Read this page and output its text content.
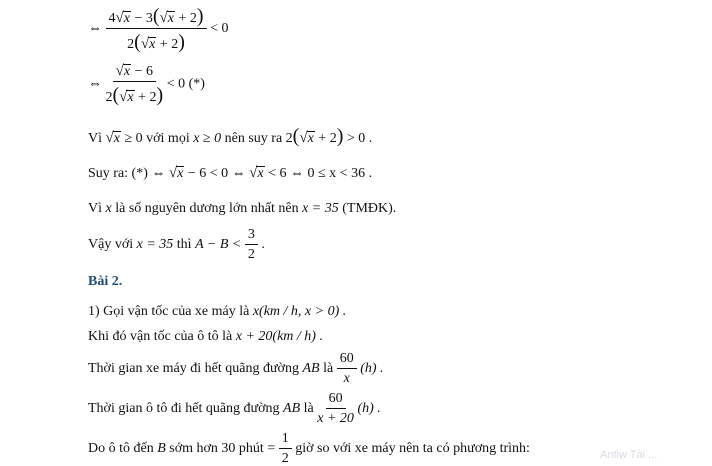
⇔ $\frac{4 √ x - 3( √ x + 2)}{2( √ x + 2)} < 0$
⇔ $\frac{√ x - 6}{2( √ x + 2)} < 0$ (*)
Vì √ x ≥ 0 với mọi x ≥ 0 nên suy ra 2( √ x + 2) > 0 .
Suy ra: (*) ⇔ √ x − 6 < 0 ⇔ √ x < 6 ⇔ 0 ≤ x < 36 .
Vì x là số nguyên dương lớn nhất nên x = 35 (TMĐK).
Vậy với x = 35 thì $A - B < \frac{3}{2}$ .
Bài 2.
1) Gọi vận tốc của xe máy là x(km / h, x > 0) .
Khi đó vận tốc của ô tô là x + 20(km / h) .
Thời gian xe máy đi hết quãng đường AB là $\frac{60}{x} (h)$ .
Thời gian ô tô đi hết quãng đường AB là $\frac{60}{x + 20} (h)$ .
Do ô tô đến B sớm hơn 30 phút = $\frac{1}{2}$ giờ so với xe máy nên ta có phương trình:	Antiw Tài ...
